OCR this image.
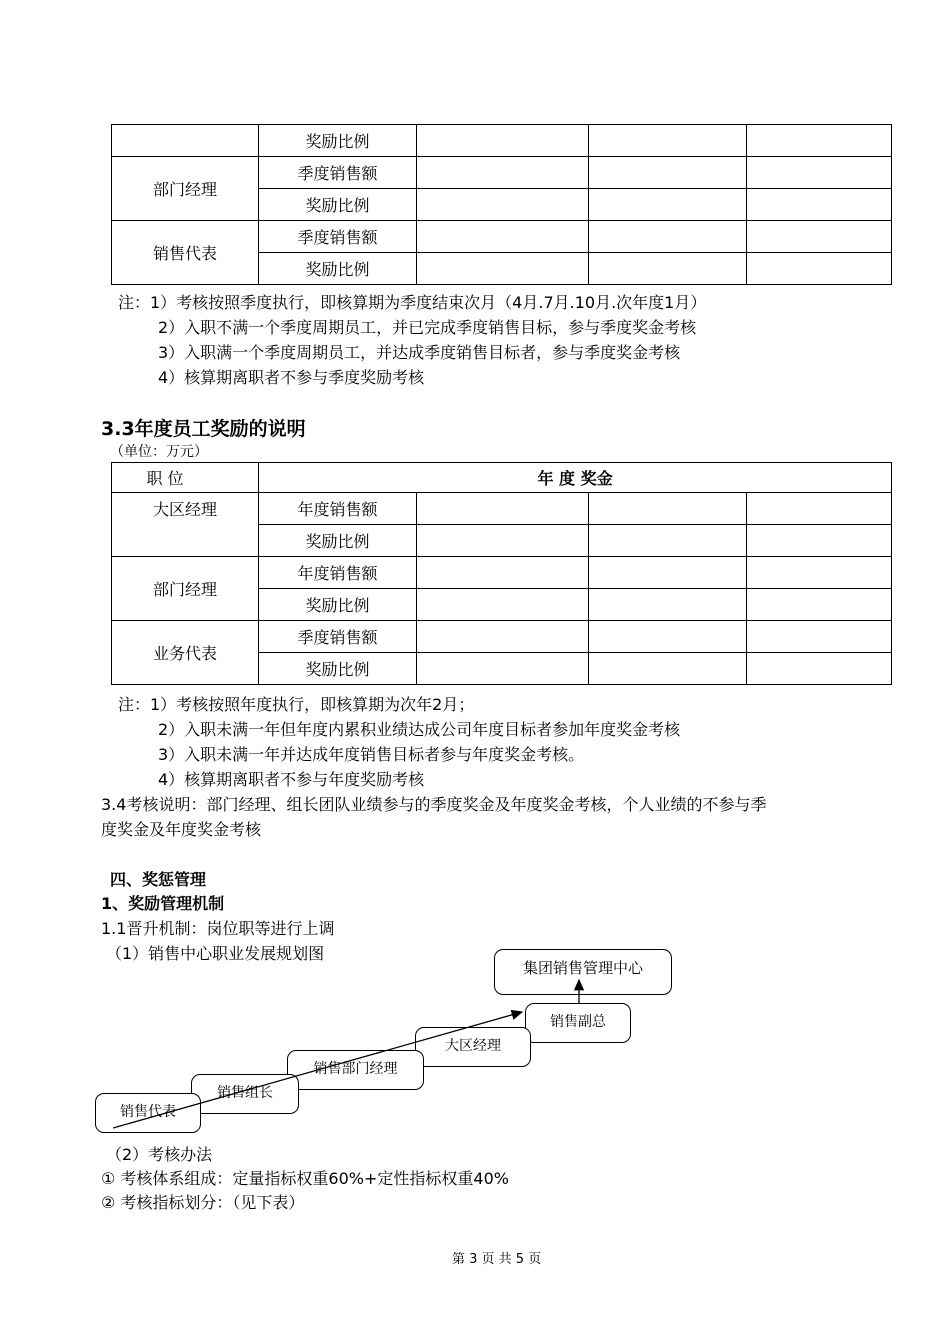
	奖励比例			
部门经理	季度销售额			
	奖励比例			
销售代表	季度销售额			
	奖励比例			
注：1）考核按照季度执行，即核算期为季度结束次月（4月.7月.10月.次年度1月）
2）入职不满一个季度周期员工，并已完成季度销售目标，参与季度奖金考核
3）入职满一个季度周期员工，并达成季度销售目标者，参与季度奖金考核
4）核算期离职者不参与季度奖励考核
3.3年度员工奖励的说明
（单位：万元）
职 位	年 度 奖金			
大区经理	年度销售额			
	奖励比例			
部门经理	年度销售额			
	奖励比例			
业务代表	季度销售额			
	奖励比例			
注：1）考核按照年度执行，即核算期为次年2月；
2）入职未满一年但年度内累积业绩达成公司年度目标者参加年度奖金考核
3）入职未满一年并达成年度销售目标者参与年度奖金考核。
4）核算期离职者不参与年度奖励考核
3.4考核说明：部门经理、组长团队业绩参与的季度奖金及年度奖金考核，个人业绩的不参与季
度奖金及年度奖金考核
四、奖惩管理
1、奖励管理机制
1.1晋升机制：岗位职等进行上调
（1）销售中心职业发展规划图
集团销售管理中心
销售副总
大区经理
销售部门经理
销售组长
销售代表
（2）考核办法
① 考核体系组成：定量指标权重60%+定性指标权重40%
② 考核指标划分：（见下表）
第 3 页 共 5 页
